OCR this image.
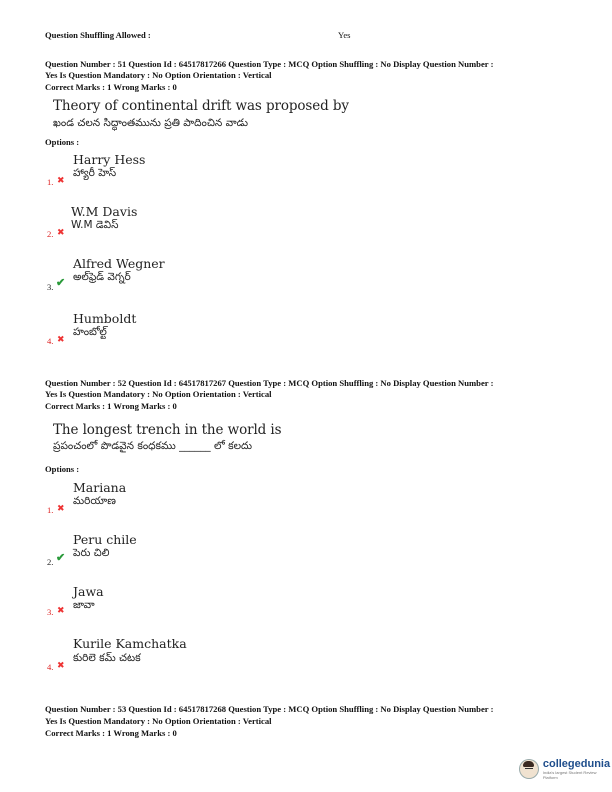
Question Shuffling Allowed :	Yes
Question Number : 51 Question Id : 64517817266 Question Type : MCQ Option Shuffling : No Display Question Number :
Yes Is Question Mandatory : No Option Orientation : Vertical
Correct Marks : 1 Wrong Marks : 0
Theory of continental drift was proposed by
ఖండ చలన సిద్ధాంతమును ప్రతి పాదించిన వాడు
Options :
Harry Hess
హ్యారీ హెస్
1. ✖
W.M Davis
W.M డెవిస్
2. ✖
Alfred Wegner
అల్‌ఫ్రెడ్ వెగ్నర్
3. ✔
Humboldt
హంబోల్ట్
4. ✖
Question Number : 52 Question Id : 64517817267 Question Type : MCQ Option Shuffling : No Display Question Number :
Yes Is Question Mandatory : No Option Orientation : Vertical
Correct Marks : 1 Wrong Marks : 0
The longest trench in the world is
ప్రపంచంలో పొడవైన కంధకము ______ లో కలదు
Options :
Mariana
మరియాణ
1. ✖
Peru chile
పెరు చిలి
2. ✔
Jawa
జావా
3. ✖
Kurile Kamchatka
కురిలె కమ్ చటక
4. ✖
Question Number : 53 Question Id : 64517817268 Question Type : MCQ Option Shuffling : No Display Question Number :
Yes Is Question Mandatory : No Option Orientation : Vertical
Correct Marks : 1 Wrong Marks : 0
collegedunia
India's largest Student Review Platform
